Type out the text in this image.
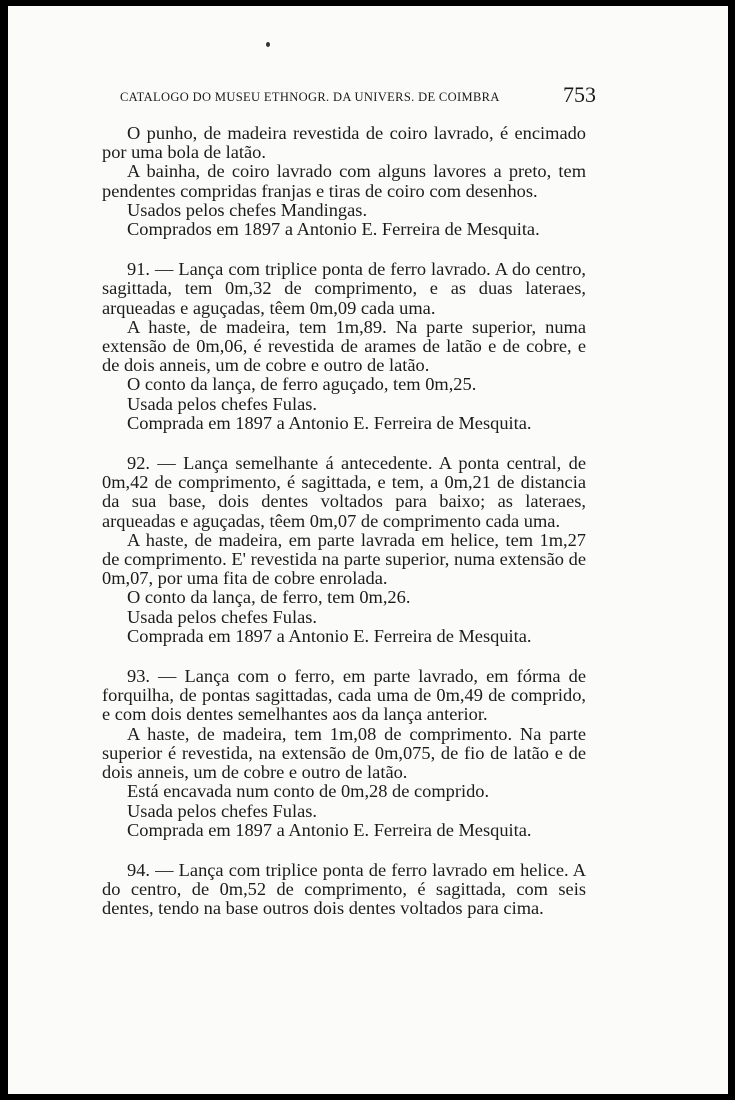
CATALOGO DO MUSEU ETHNOGR. DA UNIVERS. DE COIMBRA	753

O punho, de madeira revestida de coiro lavrado, é encimado por uma bola de latão.

A bainha, de coiro lavrado com alguns lavores a preto, tem pendentes compridas franjas e tiras de coiro com desenhos.

Usados pelos chefes Mandingas.

Comprados em 1897 a Antonio E. Ferreira de Mesquita.

91. — Lança com triplice ponta de ferro lavrado. A do centro, sagittada, tem 0m,32 de comprimento, e as duas lateraes, arqueadas e aguçadas, têem 0m,09 cada uma.

A haste, de madeira, tem 1m,89. Na parte superior, numa extensão de 0m,06, é revestida de arames de latão e de cobre, e de dois anneis, um de cobre e outro de latão.

O conto da lança, de ferro aguçado, tem 0m,25.

Usada pelos chefes Fulas.

Comprada em 1897 a Antonio E. Ferreira de Mesquita.

92. — Lança semelhante á antecedente. A ponta central, de 0m,42 de comprimento, é sagittada, e tem, a 0m,21 de distancia da sua base, dois dentes voltados para baixo; as lateraes, arqueadas e aguçadas, têem 0m,07 de comprimento cada uma.

A haste, de madeira, em parte lavrada em helice, tem 1m,27 de comprimento. E' revestida na parte superior, numa extensão de 0m,07, por uma fita de cobre enrolada.

O conto da lança, de ferro, tem 0m,26.

Usada pelos chefes Fulas.

Comprada em 1897 a Antonio E. Ferreira de Mesquita.

93. — Lança com o ferro, em parte lavrado, em fórma de forquilha, de pontas sagittadas, cada uma de 0m,49 de comprido, e com dois dentes semelhantes aos da lança anterior.

A haste, de madeira, tem 1m,08 de comprimento. Na parte superior é revestida, na extensão de 0m,075, de fio de latão e de dois anneis, um de cobre e outro de latão.

Está encavada num conto de 0m,28 de comprido.

Usada pelos chefes Fulas.

Comprada em 1897 a Antonio E. Ferreira de Mesquita.

94. — Lança com triplice ponta de ferro lavrado em helice. A do centro, de 0m,52 de comprimento, é sagittada, com seis dentes, tendo na base outros dois dentes voltados para cima.
